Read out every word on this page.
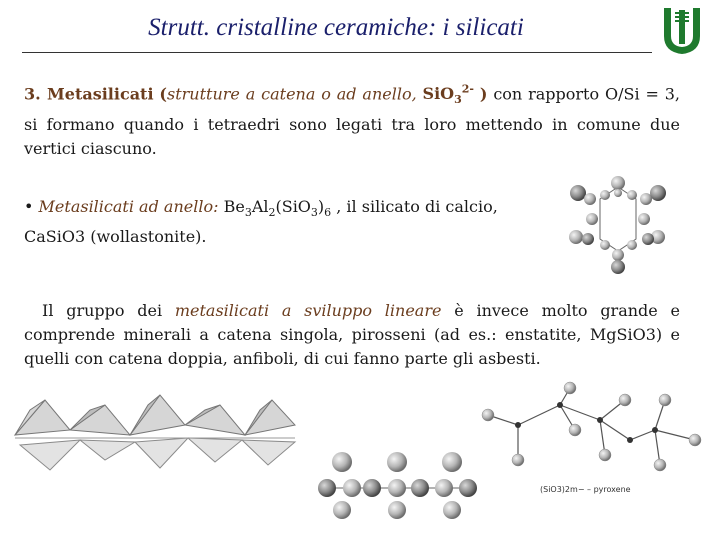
Strutt. cristalline ceramiche: i silicati

3. Metasilicati (strutture a catena o ad anello, SiO$_3^{2-}$ ) con rapporto O/Si = 3, si formano quando i tetraedri sono legati tra loro mettendo in comune due vertici ciascuno.

• Metasilicati ad anello: $Be_3Al_2(SiO_3)_6$ , il silicato di calcio, CaSiO3 (wollastonite).

Il gruppo dei metasilicati a sviluppo lineare è invece molto grande e comprende minerali a catena singola, pirosseni (ad es.: enstatite, MgSiO3) e quelli con catena doppia, anfiboli, di cui fanno parte gli asbesti.

(SiO3)2m− – pyroxene
